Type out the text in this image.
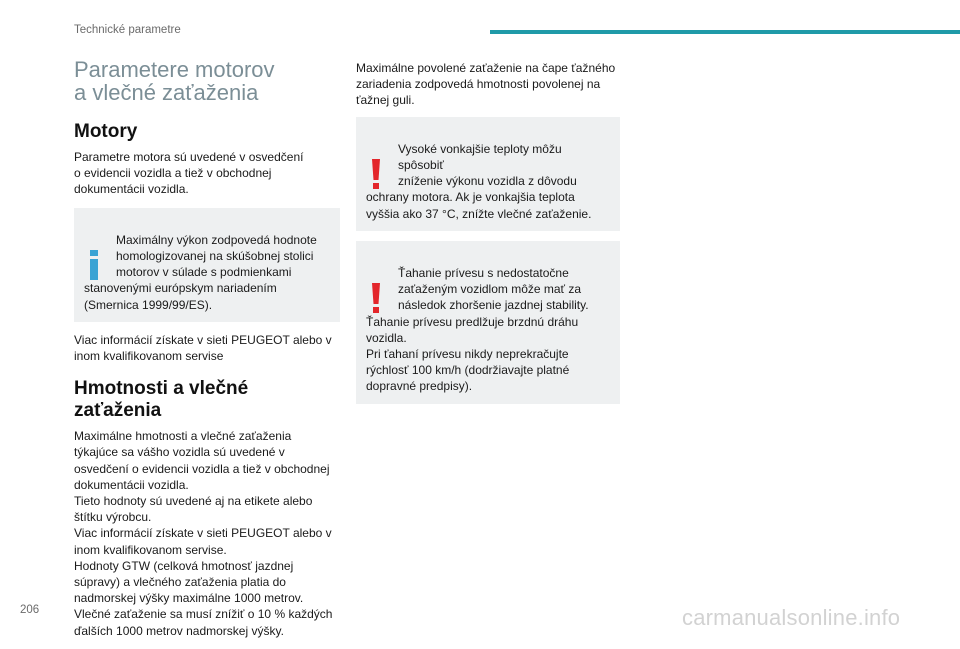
Technické parametre
Parametere motorov
a vlečné zaťaženia
Motory
Parametre motora sú uvedené v osvedčení
o evidencii vozidla a tiež v obchodnej
dokumentácii vozidla.

Maximálny výkon zodpovedá hodnote
homologizovanej na skúšobnej stolici
motorov v súlade s podmienkami
stanovenými európskym nariadením
(Smernica 1999/99/ES).

Viac informácií získate v sieti PEUGEOT alebo v
inom kvalifikovanom servise
Hmotnosti a vlečné
zaťaženia
Maximálne hmotnosti a vlečné zaťaženia
týkajúce sa vášho vozidla sú uvedené v
osvedčení o evidencii vozidla a tiež v obchodnej
dokumentácii vozidla.
Tieto hodnoty sú uvedené aj na etikete alebo
štítku výrobcu.
Viac informácií získate v sieti PEUGEOT alebo v
inom kvalifikovanom servise.
Hodnoty GTW (celková hmotnosť jazdnej
súpravy) a vlečného zaťaženia platia do
nadmorskej výšky maximálne 1000 metrov.
Vlečné zaťaženie sa musí znížiť o 10 % každých
ďalších 1000 metrov nadmorskej výšky.
Maximálne povolené zaťaženie na čape ťažného
zariadenia zodpovedá hmotnosti povolenej na
ťažnej guli.

Vysoké vonkajšie teploty môžu spôsobiť
zníženie výkonu vozidla z dôvodu
ochrany motora. Ak je vonkajšia teplota
vyššia ako 37 °C, znížte vlečné zaťaženie.

Ťahanie prívesu s nedostatočne
zaťaženým vozidlom môže mať za
následok zhoršenie jazdnej stability.
Ťahanie prívesu predlžuje brzdnú dráhu
vozidla.
Pri ťahaní prívesu nikdy neprekračujte
rýchlosť 100 km/h (dodržiavajte platné
dopravné predpisy).

206	carmanualsonline.info
